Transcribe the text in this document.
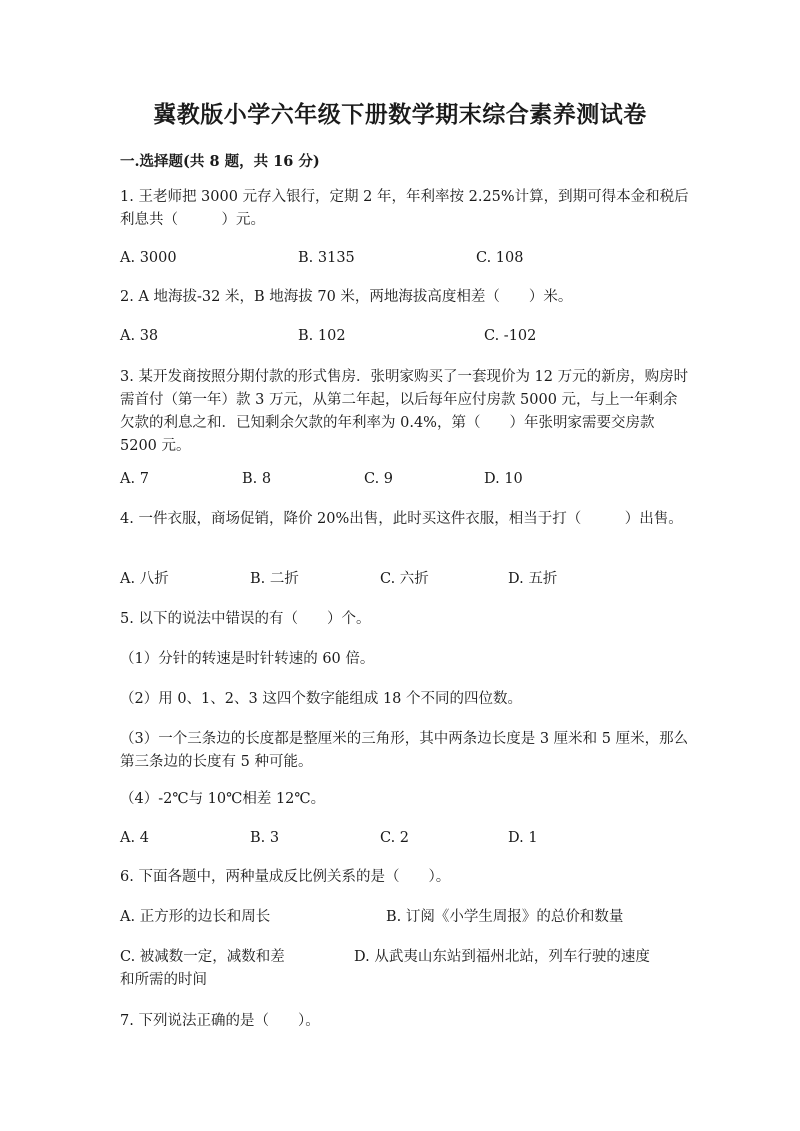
冀教版小学六年级下册数学期末综合素养测试卷
一.选择题(共 8 题，共 16 分)

1. 王老师把 3000 元存入银行，定期 2 年，年利率按 2.25%计算，到期可得本金和税后利息共（　　　）元。

A. 3000	B. 3135	C. 108

2. A 地海拔-32 米，B 地海拔 70 米，两地海拔高度相差（　　）米。

A. 38	B. 102	C. -102

3. 某开发商按照分期付款的形式售房．张明家购买了一套现价为 12 万元的新房，购房时需首付（第一年）款 3 万元，从第二年起，以后每年应付房款 5000 元，与上一年剩余欠款的利息之和．已知剩余欠款的年利率为 0.4%，第（　　）年张明家需要交房款 5200 元。

A. 7	B. 8	C. 9	D. 10

4. 一件衣服，商场促销，降价 20%出售，此时买这件衣服，相当于打（　　　）出售。

A. 八折	B. 二折	C. 六折	D. 五折

5. 以下的说法中错误的有（　　）个。

（1）分针的转速是时针转速的 60 倍。

（2）用 0、1、2、3 这四个数字能组成 18 个不同的四位数。

（3）一个三条边的长度都是整厘米的三角形，其中两条边长度是 3 厘米和 5 厘米，那么第三条边的长度有 5 种可能。

（4）-2℃与 10℃相差 12℃。

A. 4	B. 3	C. 2	D. 1

6. 下面各题中，两种量成反比例关系的是（　　）。

A. 正方形的边长和周长	B. 订阅《小学生周报》的总价和数量
C. 被减数一定，减数和差	D. 从武夷山东站到福州北站，列车行驶的速度
和所需的时间

7. 下列说法正确的是（　　）。
